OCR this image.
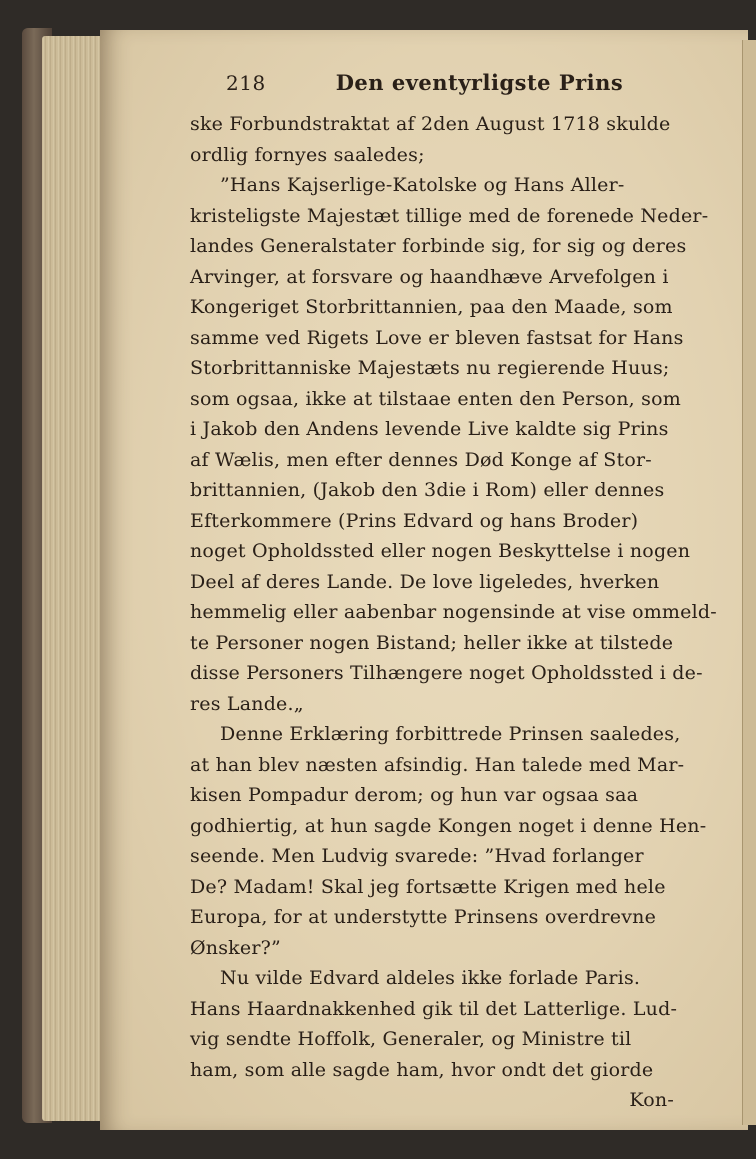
218	Den eventyrligste Prins
ske Forbundstraktat af 2den August 1718 skulde
ordlig fornyes saaledes;
”Hans Kajserlige-Katolske og Hans Aller-
kristeligste Majestæt tillige med de forenede Neder-
landes Generalstater forbinde sig, for sig og deres
Arvinger, at forsvare og haandhæve Arvefolgen i
Kongeriget Storbrittannien, paa den Maade, som
samme ved Rigets Love er bleven fastsat for Hans
Storbrittanniske Majestæts nu regierende Huus;
som ogsaa, ikke at tilstaae enten den Person, som
i Jakob den Andens levende Live kaldte sig Prins
af Wælis, men efter dennes Død Konge af Stor-
brittannien, (Jakob den 3die i Rom) eller dennes
Efterkommere (Prins Edvard og hans Broder)
noget Opholdssted eller nogen Beskyttelse i nogen
Deel af deres Lande. De love ligeledes, hverken
hemmelig eller aabenbar nogensinde at vise ommeld-
te Personer nogen Bistand; heller ikke at tilstede
disse Personers Tilhængere noget Opholdssted i de-
res Lande.„
Denne Erklæring forbittrede Prinsen saaledes,
at han blev næsten afsindig. Han talede med Mar-
kisen Pompadur derom; og hun var ogsaa saa
godhiertig, at hun sagde Kongen noget i denne Hen-
seende. Men Ludvig svarede: ”Hvad forlanger
De? Madam! Skal jeg fortsætte Krigen med hele
Europa, for at understytte Prinsens overdrevne
Ønsker?”
Nu vilde Edvard aldeles ikke forlade Paris.
Hans Haardnakkenhed gik til det Latterlige. Lud-
vig sendte Hoffolk, Generaler, og Ministre til
ham, som alle sagde ham, hvor ondt det giorde
Kon-
